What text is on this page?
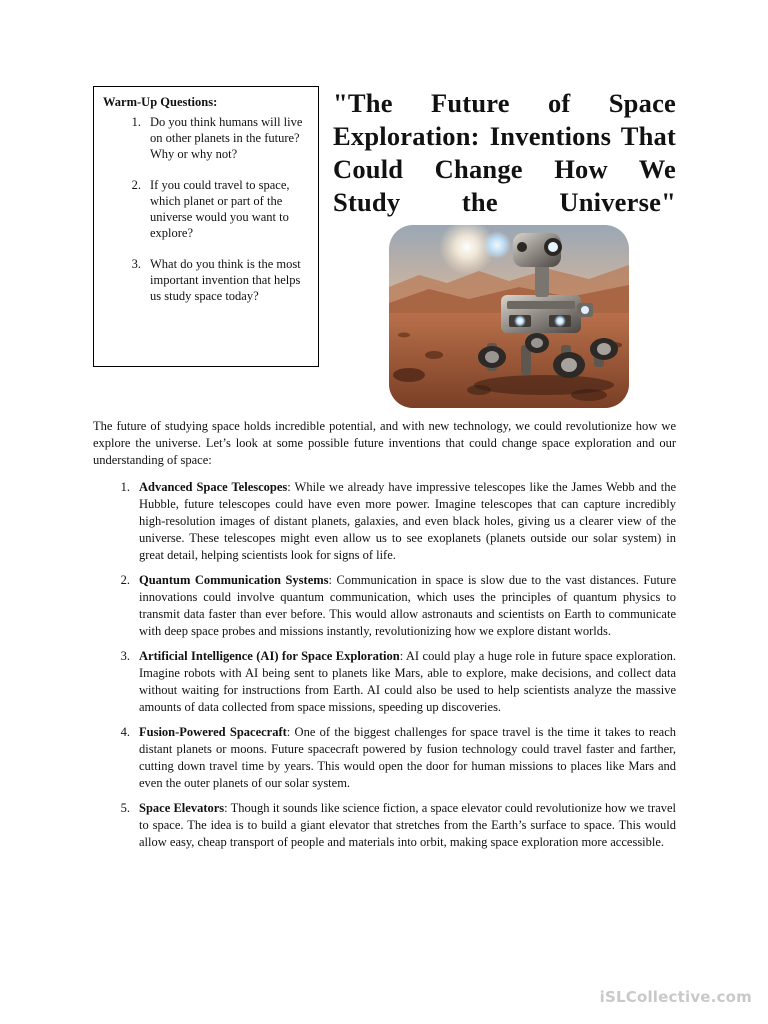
Warm-Up Questions:

1. Do you think humans will live on other planets in the future? Why or why not?
2. If you could travel to space, which planet or part of the universe would you want to explore?
3. What do you think is the most important invention that helps us study space today?
"The Future of Space Exploration: Inventions That Could Change How We Study the Universe"

The future of studying space holds incredible potential, and with new technology, we could revolutionize how we explore the universe. Let’s look at some possible future inventions that could change space exploration and our understanding of space:

1. Advanced Space Telescopes: While we already have impressive telescopes like the James Webb and the Hubble, future telescopes could have even more power. Imagine telescopes that can capture incredibly high-resolution images of distant planets, galaxies, and even black holes, giving us a clearer view of the universe. These telescopes might even allow us to see exoplanets (planets outside our solar system) in great detail, helping scientists look for signs of life.
2. Quantum Communication Systems: Communication in space is slow due to the vast distances. Future innovations could involve quantum communication, which uses the principles of quantum physics to transmit data faster than ever before. This would allow astronauts and scientists on Earth to communicate with deep space probes and missions instantly, revolutionizing how we explore distant worlds.
3. Artificial Intelligence (AI) for Space Exploration: AI could play a huge role in future space exploration. Imagine robots with AI being sent to planets like Mars, able to explore, make decisions, and collect data without waiting for instructions from Earth. AI could also be used to help scientists analyze the massive amounts of data collected from space missions, speeding up discoveries.
4. Fusion-Powered Spacecraft: One of the biggest challenges for space travel is the time it takes to reach distant planets or moons. Future spacecraft powered by fusion technology could travel faster and farther, cutting down travel time by years. This would open the door for human missions to places like Mars and even the outer planets of our solar system.
5. Space Elevators: Though it sounds like science fiction, a space elevator could revolutionize how we travel to space. The idea is to build a giant elevator that stretches from the Earth’s surface to space. This would allow easy, cheap transport of people and materials into orbit, making space exploration more accessible.
iSLCollective.com
